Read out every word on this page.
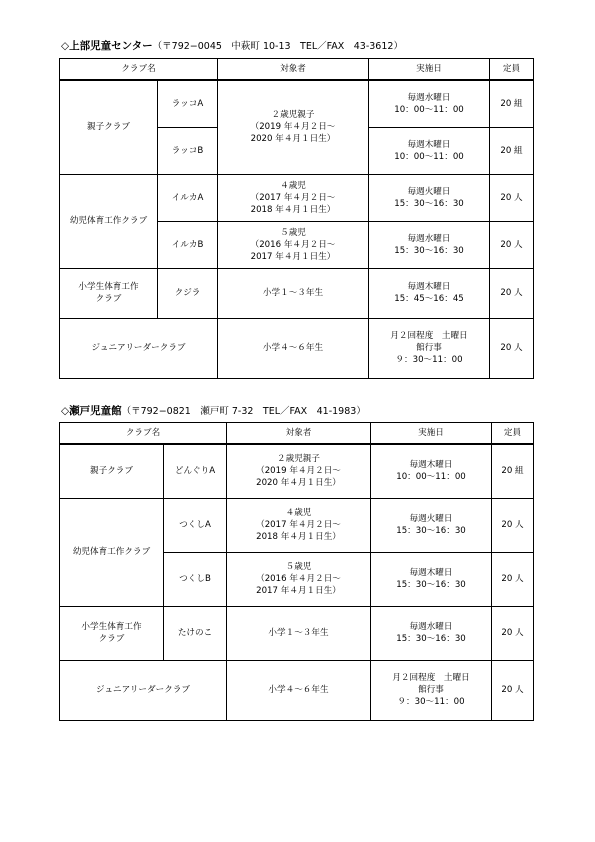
◇上部児童センター（〒792−0045　中萩町 10-13　TEL／FAX　43-3612）
クラブ名		対象者	実施日	定員
親子クラブ	ラッコA	２歳児親子
（2019 年４月２日～
2020 年４月１日生）	毎週水曜日
10：00～11：00	20 組
	ラッコB		毎週木曜日
10：00～11：00	20 組
幼児体育工作クラブ	イルカA	４歳児
（2017 年４月２日～
2018 年４月１日生）	毎週火曜日
15：30～16：30	20 人
	イルカB	５歳児
（2016 年４月２日～
2017 年４月１日生）	毎週水曜日
15：30～16：30	20 人

小学生体育工作
クラブ	クジラ	小学１～３年生	毎週木曜日
15：45～16：45	20 人
ジュニアリーダークラブ		小学４～６年生	月２回程度　土曜日
館行事
９：30～11：00	20 人
◇瀬戸児童館（〒792−0821　瀬戸町 7-32　TEL／FAX　41-1983）
クラブ名		対象者	実施日	定員
親子クラブ	どんぐりA	２歳児親子
（2019 年４月２日～
2020 年４月１日生）	毎週木曜日
10：00～11：00	20 組
幼児体育工作クラブ	つくしA	４歳児
（2017 年４月２日～
2018 年４月１日生）	毎週火曜日
15：30～16：30	20 人
	つくしB	５歳児
（2016 年４月２日～
2017 年４月１日生）	毎週木曜日
15：30～16：30	20 人

小学生体育工作
クラブ	たけのこ	小学１～３年生	毎週水曜日
15：30～16：30	20 人
ジュニアリーダークラブ		小学４～６年生	月２回程度　土曜日
館行事
９：30～11：00	20 人
